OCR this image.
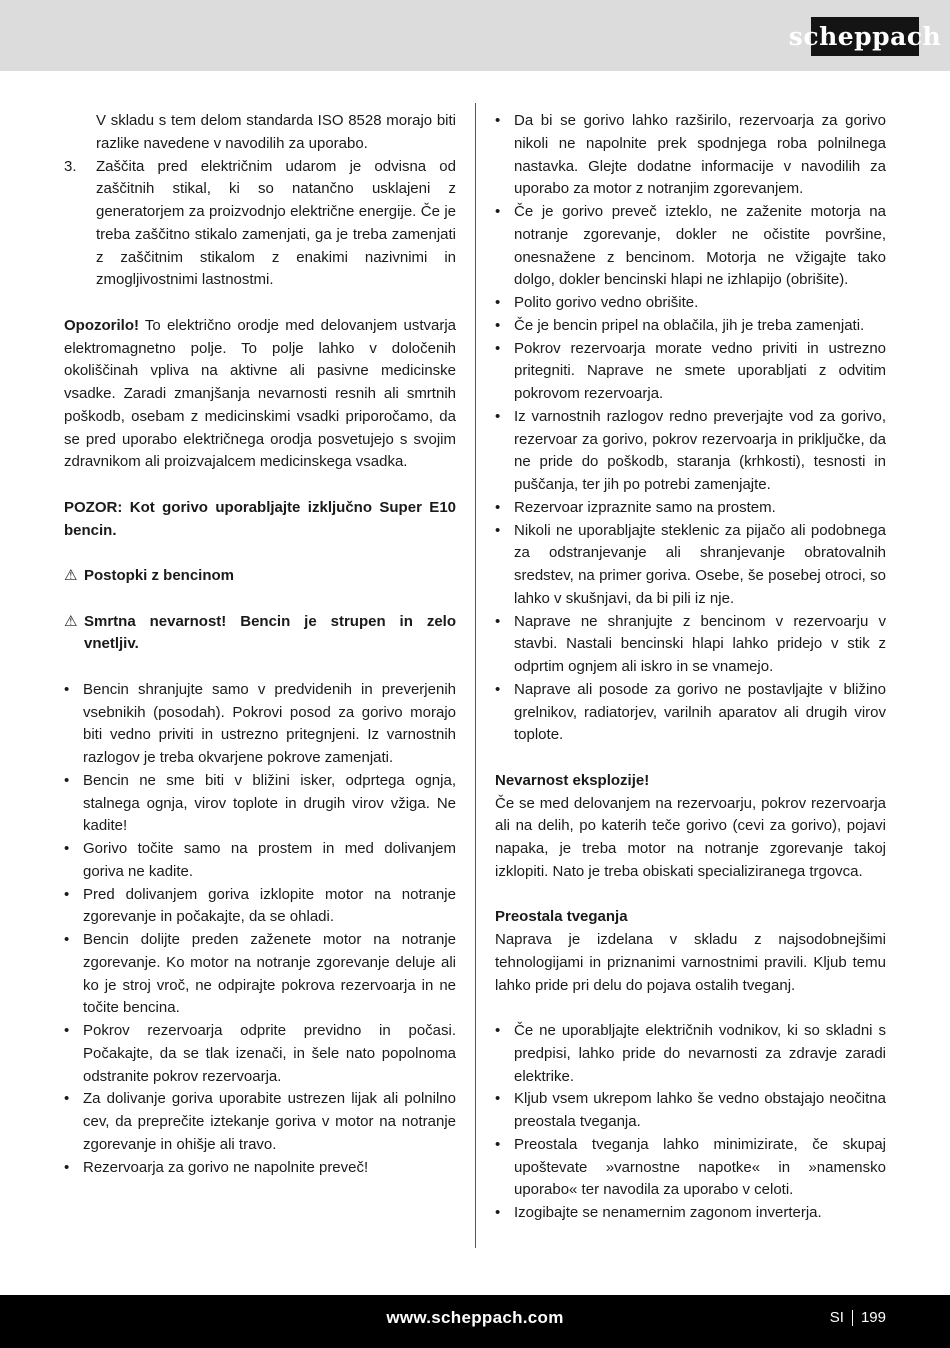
scheppach

V skladu s tem delom standarda ISO 8528 morajo biti razlike navedene v navodilih za uporabo.

3.	Zaščita pred električnim udarom je odvisna od zaščitnih stikal, ki so natančno usklajeni z generatorjem za proizvodnjo električne energije. Če je treba zaščitno stikalo zamenjati, ga je treba zamenjati z zaščitnim stikalom z enakimi nazivnimi in zmogljivostnimi lastnostmi.

Opozorilo! To električno orodje med delovanjem ustvarja elektromagnetno polje. To polje lahko v določenih okoliščinah vpliva na aktivne ali pasivne medicinske vsadke. Zaradi zmanjšanja nevarnosti resnih ali smrtnih poškodb, osebam z medicinskimi vsadki priporočamo, da se pred uporabo električnega orodja posvetujejo s svojim zdravnikom ali proizvajalcem medicinskega vsadka.

POZOR: Kot gorivo uporabljajte izključno Super E10 bencin.

⚠ Postopki z bencinom
⚠ Smrtna nevarnost! Bencin je strupen in zelo vnetljiv.
• Bencin shranjujte samo v predvidenih in preverjenih vsebnikih (posodah). Pokrovi posod za gorivo morajo biti vedno priviti in ustrezno pritegnjeni. Iz varnostnih razlogov je treba okvarjene pokrove zamenjati.
• Bencin ne sme biti v bližini isker, odprtega ognja, stalnega ognja, virov toplote in drugih virov vžiga. Ne kadite!
• Gorivo točite samo na prostem in med dolivanjem goriva ne kadite.
• Pred dolivanjem goriva izklopite motor na notranje zgorevanje in počakajte, da se ohladi.
• Bencin dolijte preden zaženete motor na notranje zgorevanje. Ko motor na notranje zgorevanje deluje ali ko je stroj vroč, ne odpirajte pokrova rezervoarja in ne točite bencina.
• Pokrov rezervoarja odprite previdno in počasi. Počakajte, da se tlak izenači, in šele nato popolnoma odstranite pokrov rezervoarja.
• Za dolivanje goriva uporabite ustrezen lijak ali polnilno cev, da preprečite iztekanje goriva v motor na notranje zgorevanje in ohišje ali travo.
• Rezervoarja za gorivo ne napolnite preveč!
• Da bi se gorivo lahko razširilo, rezervoarja za gorivo nikoli ne napolnite prek spodnjega roba polnilnega nastavka. Glejte dodatne informacije v navodilih za uporabo za motor z notranjim zgorevanjem.
• Če je gorivo preveč izteklo, ne zaženite motorja na notranje zgorevanje, dokler ne očistite površine, onesnažene z bencinom. Motorja ne vžigajte tako dolgo, dokler bencinski hlapi ne izhlapijo (obrišite).
• Polito gorivo vedno obrišite.
• Če je bencin pripel na oblačila, jih je treba zamenjati.
• Pokrov rezervoarja morate vedno priviti in ustrezno pritegniti. Naprave ne smete uporabljati z odvitim pokrovom rezervoarja.
• Iz varnostnih razlogov redno preverjajte vod za gorivo, rezervoar za gorivo, pokrov rezervoarja in priključke, da ne pride do poškodb, staranja (krhkosti), tesnosti in puščanja, ter jih po potrebi zamenjajte.
• Rezervoar izpraznite samo na prostem.
• Nikoli ne uporabljajte steklenic za pijačo ali podobnega za odstranjevanje ali shranjevanje obratovalnih sredstev, na primer goriva. Osebe, še posebej otroci, so lahko v skušnjavi, da bi pili iz nje.
• Naprave ne shranjujte z bencinom v rezervoarju v stavbi. Nastali bencinski hlapi lahko pridejo v stik z odprtim ognjem ali iskro in se vnamejo.
• Naprave ali posode za gorivo ne postavljajte v bližino grelnikov, radiatorjev, varilnih aparatov ali drugih virov toplote.

Nevarnost eksplozije!

Če se med delovanjem na rezervoarju, pokrov rezervoarja ali na delih, po katerih teče gorivo (cevi za gorivo), pojavi napaka, je treba motor na notranje zgorevanje takoj izklopiti. Nato je treba obiskati specializiranega trgovca.

Preostala tveganja

Naprava je izdelana v skladu z najsodobnejšimi tehnologijami in priznanimi varnostnimi pravili. Kljub temu lahko pride pri delu do pojava ostalih tveganj.

• Če ne uporabljajte električnih vodnikov, ki so skladni s predpisi, lahko pride do nevarnosti za zdravje zaradi elektrike.
• Kljub vsem ukrepom lahko še vedno obstajajo neočitna preostala tveganja.
• Preostala tveganja lahko minimizirate, če skupaj upoštevate »varnostne napotke« in »namensko uporabo« ter navodila za uporabo v celoti.
• Izogibajte se nenamernim zagonom inverterja.
www.scheppach.com	SI 199
